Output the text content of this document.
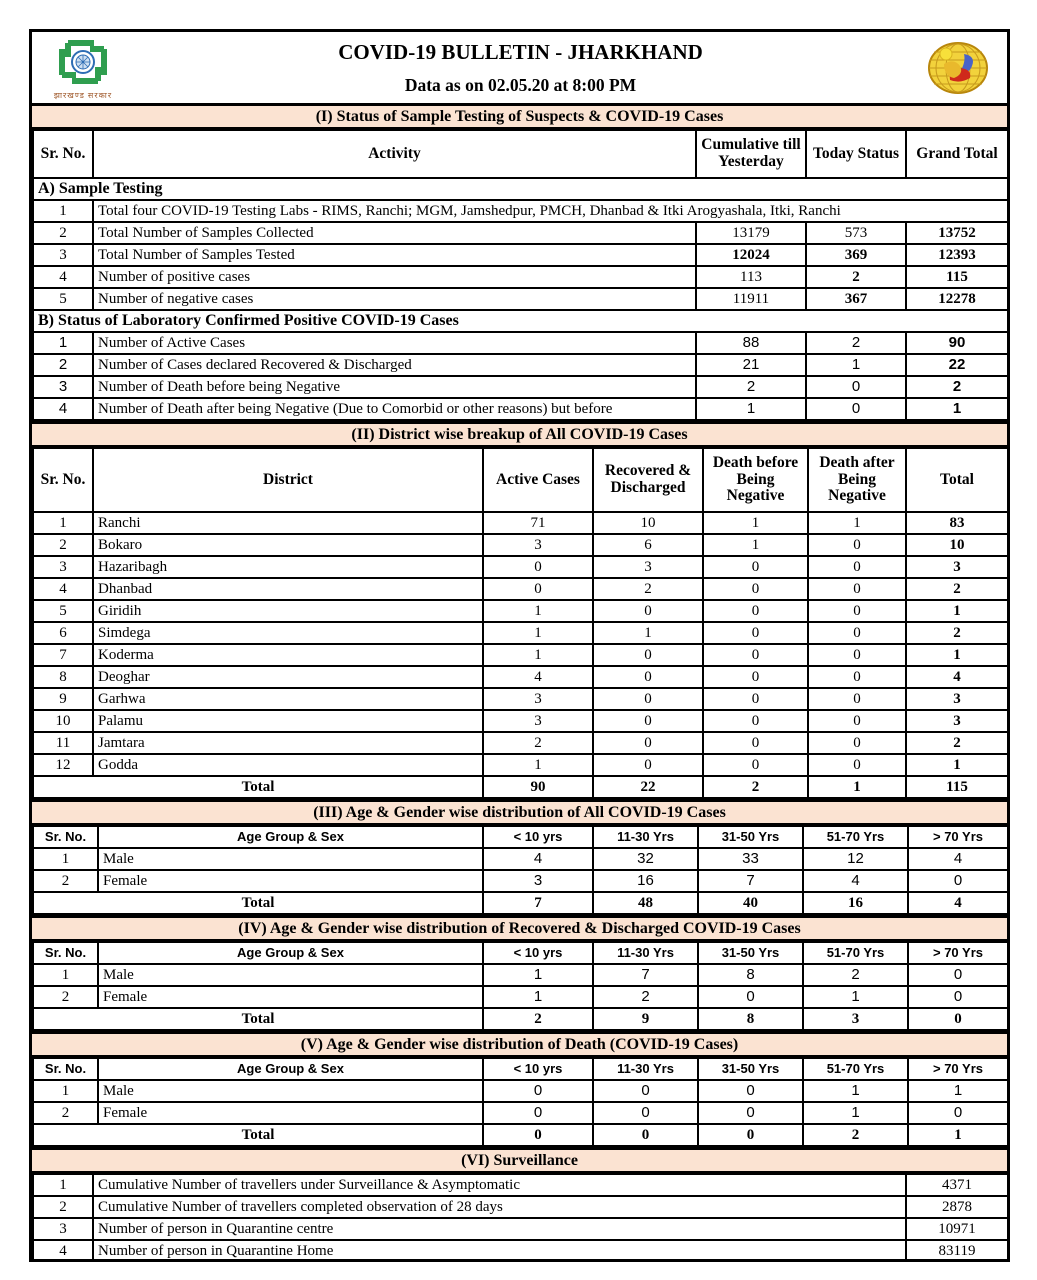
झारखण्ड सरकार
COVID-19 BULLETIN - JHARKHAND
Data as on 02.05.20 at 8:00 PM
(I) Status of Sample Testing of Suspects & COVID-19 Cases
Sr. No.	Activity	Cumulative till Yesterday	Today Status	Grand Total
A) Sample Testing				
1	Total four COVID-19 Testing Labs - RIMS, Ranchi; MGM, Jamshedpur, PMCH, Dhanbad & Itki Arogyashala, Itki, Ranchi			
2	Total Number of Samples Collected	13179	573	13752
3	Total Number of Samples Tested	12024	369	12393
4	Number of positive cases	113	2	115
5	Number of negative cases	11911	367	12278
B) Status of Laboratory Confirmed Positive COVID-19 Cases				
1	Number of Active Cases	88	2	90
2	Number of Cases declared Recovered & Discharged	21	1	22
3	Number of Death before being Negative	2	0	2
4	Number of Death after being Negative (Due to Comorbid or other reasons) but before	1	0	1
(II) District wise breakup of All COVID-19 Cases
Sr. No.	District	Active Cases	Recovered & Discharged	Death before Being Negative	Death after Being Negative	Total
1	Ranchi	71	10	1	1	83
2	Bokaro	3	6	1	0	10
3	Hazaribagh	0	3	0	0	3
4	Dhanbad	0	2	0	0	2
5	Giridih	1	0	0	0	1
6	Simdega	1	1	0	0	2
7	Koderma	1	0	0	0	1
8	Deoghar	4	0	0	0	4
9	Garhwa	3	0	0	0	3
10	Palamu	3	0	0	0	3
11	Jamtara	2	0	0	0	2
12	Godda	1	0	0	0	1
Total		90	22	2	1	115
(III) Age & Gender wise distribution of All COVID-19 Cases
Sr. No.	Age Group & Sex	< 10 yrs	11-30 Yrs	31-50 Yrs	51-70 Yrs	> 70 Yrs
1	Male	4	32	33	12	4
2	Female	3	16	7	4	0
Total		7	48	40	16	4
(IV) Age & Gender wise distribution of Recovered & Discharged COVID-19 Cases
Sr. No.	Age Group & Sex	< 10 yrs	11-30 Yrs	31-50 Yrs	51-70 Yrs	> 70 Yrs
1	Male	1	7	8	2	0
2	Female	1	2	0	1	0
Total		2	9	8	3	0
(V) Age & Gender wise distribution of Death (COVID-19 Cases)
Sr. No.	Age Group & Sex	< 10 yrs	11-30 Yrs	31-50 Yrs	51-70 Yrs	> 70 Yrs
1	Male	0	0	0	1	1
2	Female	0	0	0	1	0
Total		0	0	0	2	1
(VI) Surveillance
1	Cumulative Number of travellers under Surveillance & Asymptomatic	4371
2	Cumulative Number of travellers completed observation of 28 days	2878
3	Number of person in Quarantine centre	10971
4	Number of person in Quarantine Home	83119
